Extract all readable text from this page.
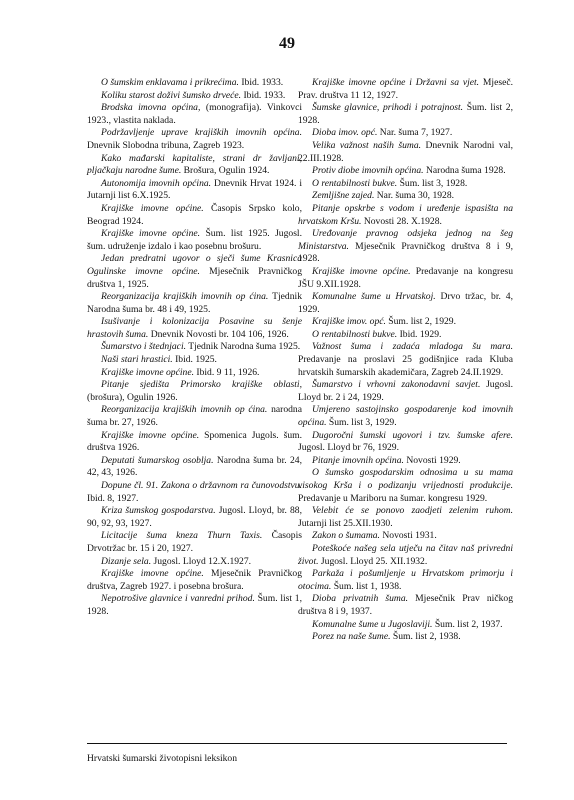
49

O šumskim enklavama i prikrećima. Ibid. 1933.

Koliku starost doživi šumsko drveće. Ibid. 1933.

Brodska imovna općina, (monografija). Vinkovci 1923., vlastita naklada.

Podržavljenje uprave krajiških imovnih općina. Dnevnik Slobodna tribuna, Zagreb 1923.

Kako mađarski kapitaliste, strani dr žavljani, pljačkaju narodne šume. Brošura, Ogulin 1924.

Autonomija imovnih općina. Dnevnik Hrvat 1924. i Jutarnji list 6.X.1925.

Krajiške imovne općine. Časopis Srpsko kolo, Beograd 1924.

Krajiške imovne općine. Šum. list 1925. Jugosl. šum. udruženje izdalo i kao posebnu brošuru.

Jedan predratni ugovor o sječi šume Krasnica Ogulinske imovne općine. Mjesečnik Pravničkog društva 1, 1925.

Reorganizacija krajiških imovnih op ćina. Tjednik Narodna šuma br. 48 i 49, 1925.

Isušivanje i kolonizacija Posavine su šenje hrastovih šuma. Dnevnik Novosti br. 104 106, 1926.

Šumarstvo i štednjaci. Tjednik Narodna šuma 1925.

Naši stari hrastici. Ibid. 1925.

Krajiške imovne općine. Ibid. 9 11, 1926.

Pitanje sjedišta Primorsko krajiške oblasti, (brošura), Ogulin 1926.

Reorganizacija krajiških imovnih op ćina. narodna šuma br. 27, 1926.

Krajiške imovne općine. Spomenica Jugols. šum. društva 1926.

Deputati šumarskog osoblja. Narodna šuma br. 24, 42, 43, 1926.

Dopune čl. 91. Zakona o državnom ra čunovodstvu. Ibid. 8, 1927.

Kriza šumskog gospodarstva. Jugosl. Lloyd, br. 88, 90, 92, 93, 1927.

Licitacije šuma kneza Thurn Taxis. Časopis Drvotržac br. 15 i 20, 1927.

Dizanje sela. Jugosl. Lloyd 12.X.1927.

Krajiške imovne općine. Mjesečnik Pravničkog društva, Zagreb 1927. i posebna brošura.

Nepotrošive glavnice i vanredni prihod. Šum. list 1, 1928.

Krajiške imovne općine i Državni sa vjet. Mjeseč. Prav. društva 11 12, 1927.

Šumske glavnice, prihodi i potrajnost. Šum. list 2, 1928.

Dioba imov. opć. Nar. šuma 7, 1927.

Velika važnost naših šuma. Dnevnik Narodni val, 22.III.1928.

Protiv diobe imovnih općina. Narodna šuma 1928.

O rentabilnosti bukve. Šum. list 3, 1928.

Zemljišne zajed. Nar. šuma 30, 1928.

Pitanje opskrbe s vodom i uređenje ispasišta na hrvatskom Kršu. Novosti 28. X.1928.

Uređovanje pravnog odsjeka jednog na šeg Ministarstva. Mjesečnik Pravničkog društva 8 i 9, 1928.

Krajiške imovne općine. Predavanje na kongresu JŠU 9.XII.1928.

Komunalne šume u Hrvatskoj. Drvo tržac, br. 4, 1929.

Krajiške imov. opć. Šum. list 2, 1929.

O rentabilnosti bukve. Ibid. 1929.

Važnost šuma i zadaća mladoga šu mara. Predavanje na proslavi 25 godišnjice rada Kluba hrvatskih šumarskih akademičara, Zagreb 24.II.1929.

Šumarstvo i vrhovni zakonodavni savjet. Jugosl. Lloyd br. 2 i 24, 1929.

Umjereno sastojinsko gospodarenje kod imovnih općina. Šum. list 3, 1929.

Dugoročni šumski ugovori i tzv. šumske afere. Jugosl. Lloyd br 76, 1929.

Pitanje imovnih općina. Novosti 1929.

O šumsko gospodarskim odnosima u su mama visokog Krša i o podizanju vrijednosti produkcije. Predavanje u Mariboru na šumar. kongresu 1929.

Velebit će se ponovo zaodjeti zelenim ruhom. Jutarnji list 25.XII.1930.

Zakon o šumama. Novosti 1931.

Poteškoće našeg sela utječu na čitav naš privredni život. Jugosl. Lloyd 25. XII.1932.

Parkaža i pošumljenje u Hrvatskom primorju i otocima. Šum. list 1, 1938.

Dioba privatnih šuma. Mjesečnik Prav ničkog društva 8 i 9, 1937.

Komunalne šume u Jugoslaviji. Šum. list 2, 1937.

Porez na naše šume. Šum. list 2, 1938.

Hrvatski šumarski životopisni leksikon
